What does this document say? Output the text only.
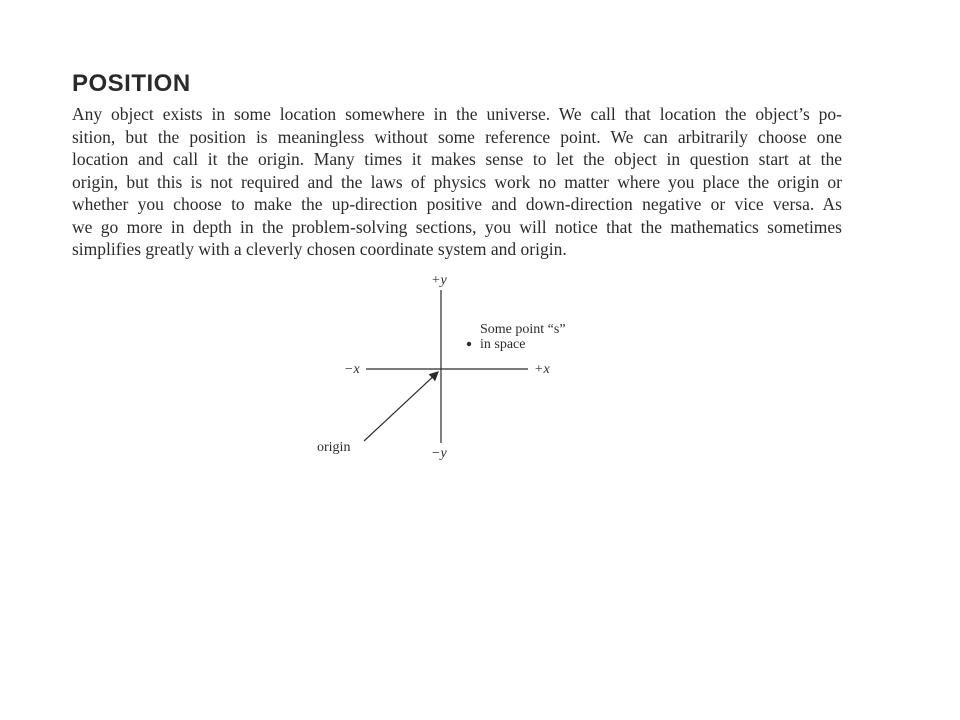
POSITION
Any object exists in some location somewhere in the universe. We call that location the object’s po-
sition, but the position is meaningless without some reference point. We can arbitrarily choose one
location and call it the origin. Many times it makes sense to let the object in question start at the
origin, but this is not required and the laws of physics work no matter where you place the origin or
whether you choose to make the up-direction positive and down-direction negative or vice versa. As
we go more in depth in the problem-solving sections, you will notice that the mathematics sometimes
simplifies greatly with a cleverly chosen coordinate system and origin.
+y
−y
+x
−x
Some point “s”
in space
origin
